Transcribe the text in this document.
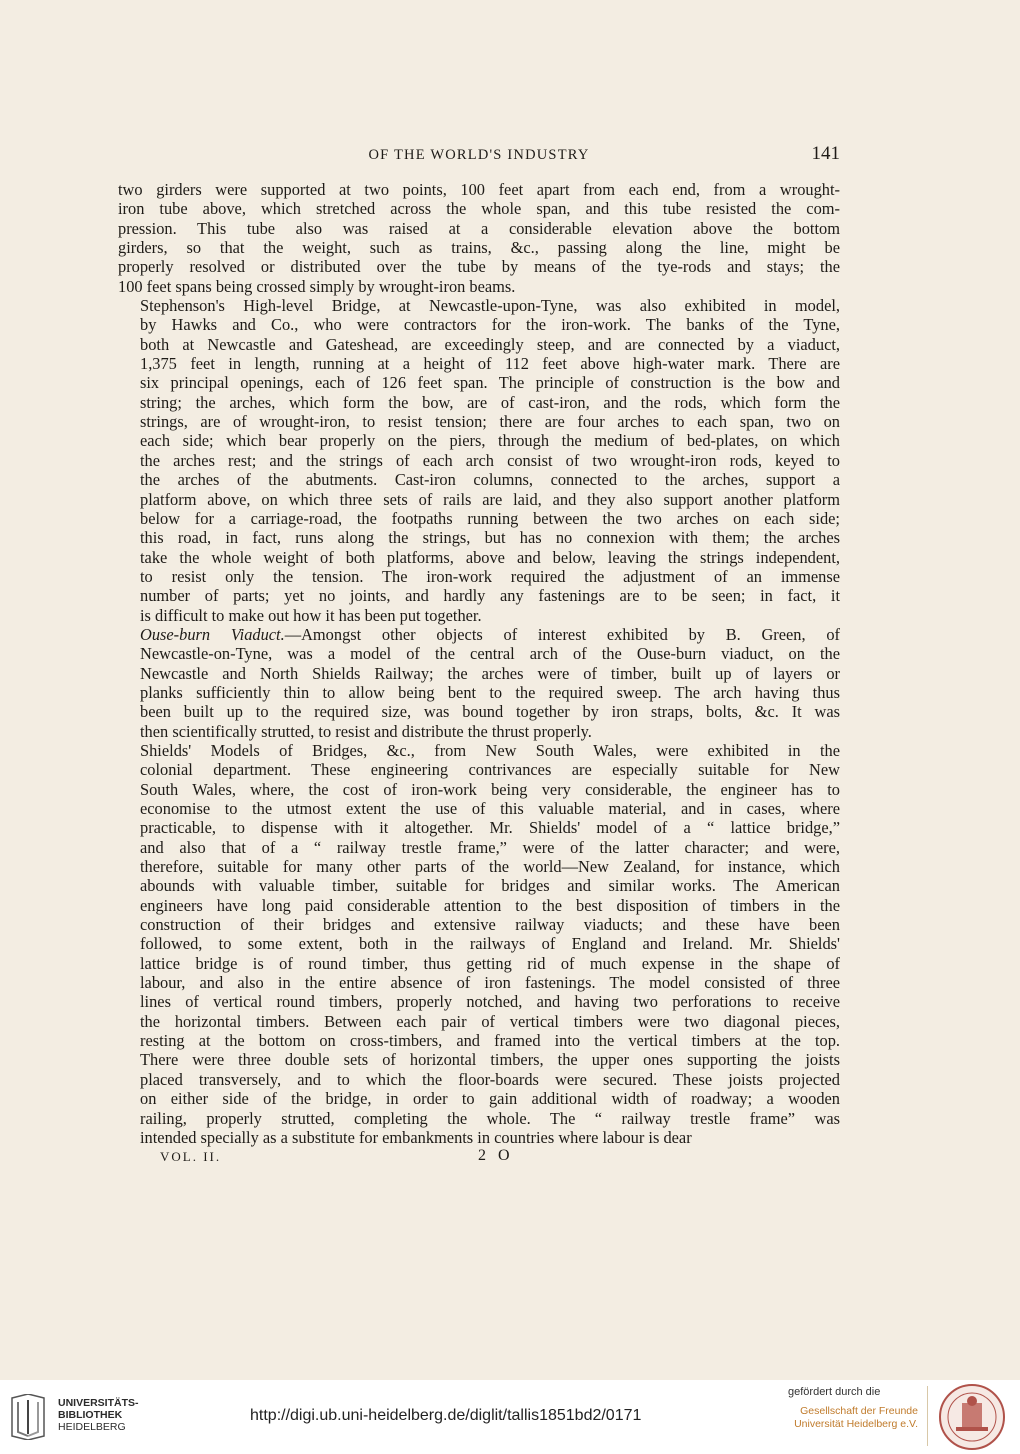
OF THE WORLD'S INDUSTRY	141
two girders were supported at two points, 100 feet apart from each end, from a wrought-
iron tube above, which stretched across the whole span, and this tube resisted the com-
pression. This tube also was raised at a considerable elevation above the bottom
girders, so that the weight, such as trains, &c., passing along the line, might be
properly resolved or distributed over the tube by means of the tye-rods and stays; the
100 feet spans being crossed simply by wrought-iron beams.
Stephenson's High-level Bridge, at Newcastle-upon-Tyne, was also exhibited in model,
by Hawks and Co., who were contractors for the iron-work. The banks of the Tyne,
both at Newcastle and Gateshead, are exceedingly steep, and are connected by a viaduct,
1,375 feet in length, running at a height of 112 feet above high-water mark. There are
six principal openings, each of 126 feet span. The principle of construction is the bow and
string; the arches, which form the bow, are of cast-iron, and the rods, which form the
strings, are of wrought-iron, to resist tension; there are four arches to each span, two on
each side; which bear properly on the piers, through the medium of bed-plates, on which
the arches rest; and the strings of each arch consist of two wrought-iron rods, keyed to
the arches of the abutments. Cast-iron columns, connected to the arches, support a
platform above, on which three sets of rails are laid, and they also support another platform
below for a carriage-road, the footpaths running between the two arches on each side;
this road, in fact, runs along the strings, but has no connexion with them; the arches
take the whole weight of both platforms, above and below, leaving the strings independent,
to resist only the tension. The iron-work required the adjustment of an immense
number of parts; yet no joints, and hardly any fastenings are to be seen; in fact, it
is difficult to make out how it has been put together.
Ouse-burn Viaduct.—Amongst other objects of interest exhibited by B. Green, of
Newcastle-on-Tyne, was a model of the central arch of the Ouse-burn viaduct, on the
Newcastle and North Shields Railway; the arches were of timber, built up of layers or
planks sufficiently thin to allow being bent to the required sweep. The arch having thus
been built up to the required size, was bound together by iron straps, bolts, &c. It was
then scientifically strutted, to resist and distribute the thrust properly.
Shields' Models of Bridges, &c., from New South Wales, were exhibited in the
colonial department. These engineering contrivances are especially suitable for New
South Wales, where, the cost of iron-work being very considerable, the engineer has to
economise to the utmost extent the use of this valuable material, and in cases, where
practicable, to dispense with it altogether. Mr. Shields' model of a “ lattice bridge,”
and also that of a “ railway trestle frame,” were of the latter character; and were,
therefore, suitable for many other parts of the world—New Zealand, for instance, which
abounds with valuable timber, suitable for bridges and similar works. The American
engineers have long paid considerable attention to the best disposition of timbers in the
construction of their bridges and extensive railway viaducts; and these have been
followed, to some extent, both in the railways of England and Ireland. Mr. Shields'
lattice bridge is of round timber, thus getting rid of much expense in the shape of
labour, and also in the entire absence of iron fastenings. The model consisted of three
lines of vertical round timbers, properly notched, and having two perforations to receive
the horizontal timbers. Between each pair of vertical timbers were two diagonal pieces,
resting at the bottom on cross-timbers, and framed into the vertical timbers at the top.
There were three double sets of horizontal timbers, the upper ones supporting the joists
placed transversely, and to which the floor-boards were secured. These joists projected
on either side of the bridge, in order to gain additional width of roadway; a wooden
railing, properly strutted, completing the whole. The “ railway trestle frame” was
intended specially as a substitute for embankments in countries where labour is dear
VOL. II.	2 O
UNIVERSITÄTS-
BIBLIOTHEK
HEIDELBERG
http://digi.ub.uni-heidelberg.de/diglit/tallis1851bd2/0171
gefördert durch die
Gesellschaft der Freunde
Universität Heidelberg e.V.
